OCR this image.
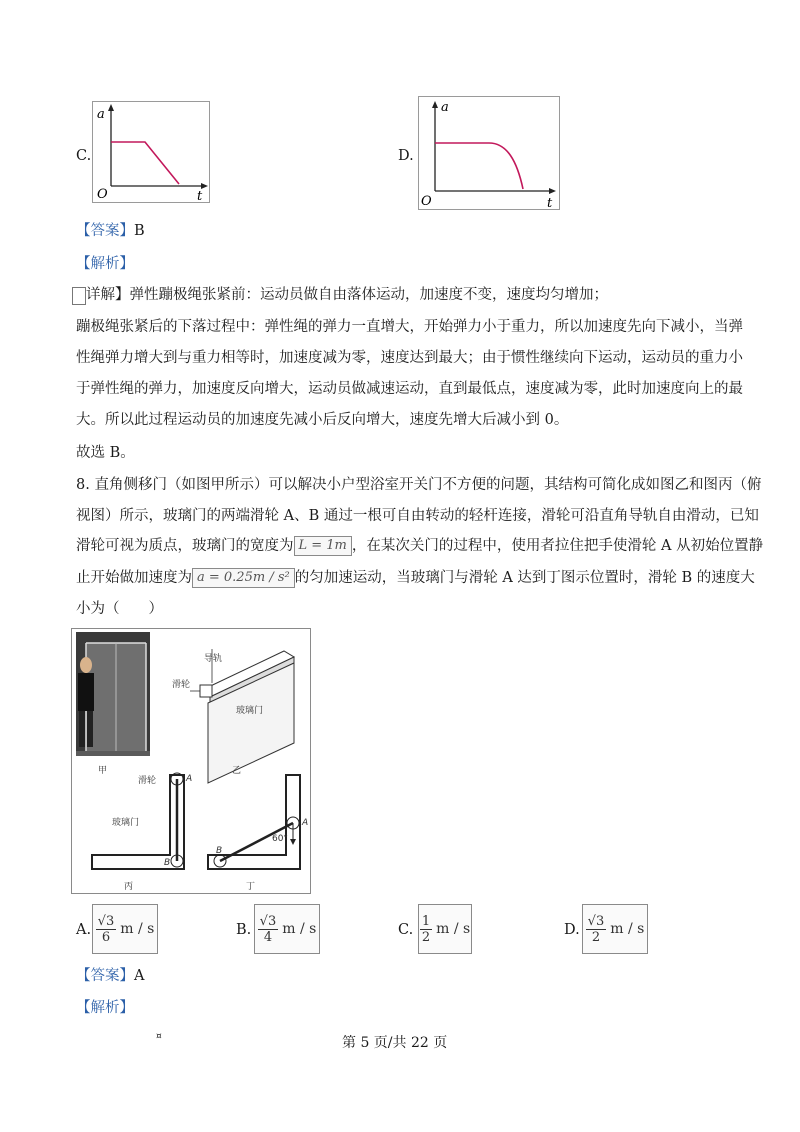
C.
a
t
O
D.
a
t
O
【答案】B
【解析】
详解】弹性蹦极绳张紧前：运动员做自由落体运动，加速度不变，速度均匀增加；
蹦极绳张紧后的下落过程中：弹性绳的弹力一直增大，开始弹力小于重力，所以加速度先向下减小，当弹
性绳弹力增大到与重力相等时，加速度减为零，速度达到最大；由于惯性继续向下运动，运动员的重力小
于弹性绳的弹力，加速度反向增大，运动员做减速运动，直到最低点，速度减为零，此时加速度向上的最
大。所以此过程运动员的加速度先减小后反向增大，速度先增大后减小到 0。
故选 B。
8. 直角侧移门（如图甲所示）可以解决小户型浴室开关门不方便的问题，其结构可简化成如图乙和图丙（俯
视图）所示，玻璃门的两端滑轮 A、B 通过一根可自由转动的轻杆连接，滑轮可沿直角导轨自由滑动，已知
滑轮可视为质点，玻璃门的宽度为 L = 1m ，在某次关门的过程中，使用者拉住把手使滑轮 A 从初始位置静
止开始做加速度为 a = 0.25m / s² 的匀加速运动，当玻璃门与滑轮 A 达到丁图示位置时，滑轮 B 的速度大
小为（　　）
导轨
滑轮
玻璃门
甲	乙
A
B
滑轮
玻璃门
丙
A
B
60°
丁
A. $\frac{√3}{6}$ m / s	B. $\frac{√3}{4}$ m / s	C. $\frac{1}{2}$ m / s	D. $\frac{√3}{2}$ m / s
【答案】A
【解析】
¤	第 5 页/共 22 页
